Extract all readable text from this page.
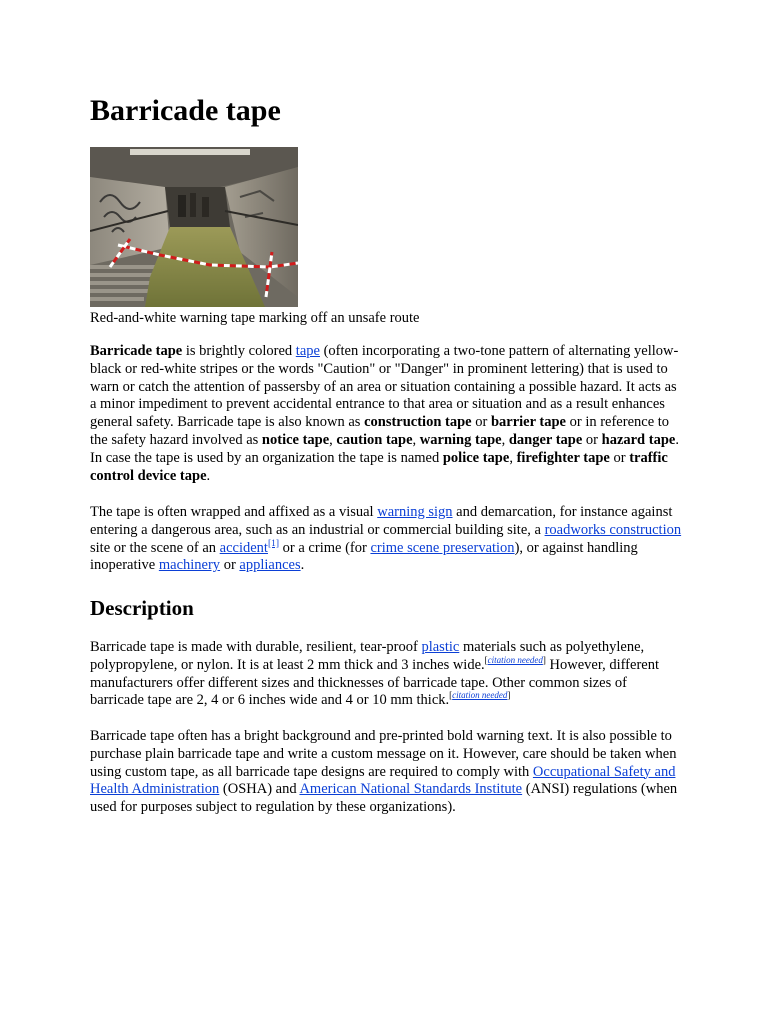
Barricade tape

Red-and-white warning tape marking off an unsafe route

Barricade tape is brightly colored tape (often incorporating a two-tone pattern of alternating yellow-black or red-white stripes or the words "Caution" or "Danger" in prominent lettering) that is used to warn or catch the attention of passersby of an area or situation containing a possible hazard. It acts as a minor impediment to prevent accidental entrance to that area or situation and as a result enhances general safety. Barricade tape is also known as construction tape or barrier tape or in reference to the safety hazard involved as notice tape, caution tape, warning tape, danger tape or hazard tape. In case the tape is used by an organization the tape is named police tape, firefighter tape or traffic control device tape.

The tape is often wrapped and affixed as a visual warning sign and demarcation, for instance against entering a dangerous area, such as an industrial or commercial building site, a roadworks construction site or the scene of an accident[1] or a crime (for crime scene preservation), or against handling inoperative machinery or appliances.

Description

Barricade tape is made with durable, resilient, tear-proof plastic materials such as polyethylene, polypropylene, or nylon. It is at least 2 mm thick and 3 inches wide.[citation needed] However, different manufacturers offer different sizes and thicknesses of barricade tape. Other common sizes of barricade tape are 2, 4 or 6 inches wide and 4 or 10 mm thick.[citation needed]

Barricade tape often has a bright background and pre-printed bold warning text. It is also possible to purchase plain barricade tape and write a custom message on it. However, care should be taken when using custom tape, as all barricade tape designs are required to comply with Occupational Safety and Health Administration (OSHA) and American National Standards Institute (ANSI) regulations (when used for purposes subject to regulation by these organizations).
